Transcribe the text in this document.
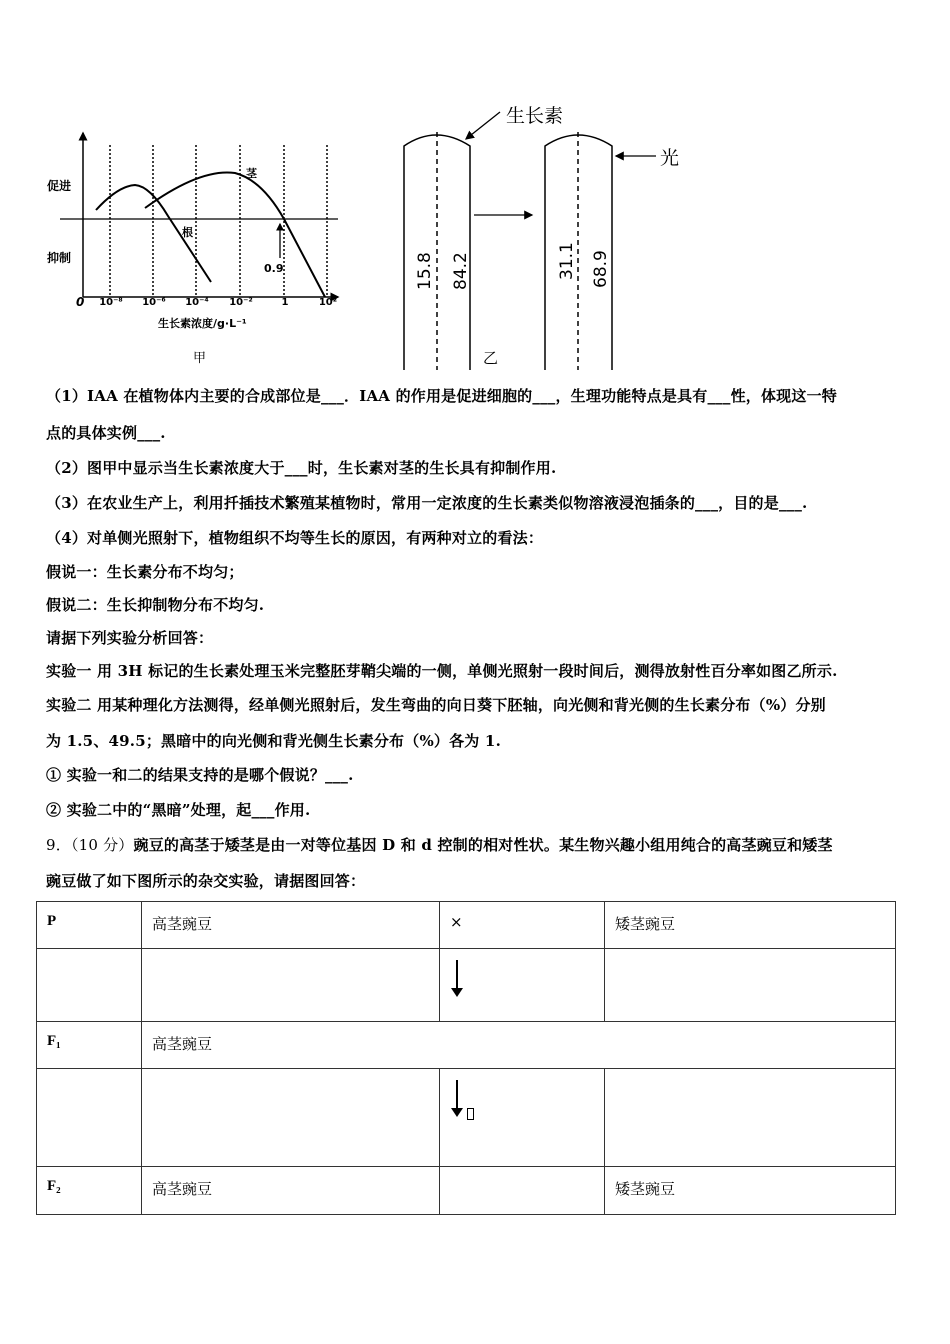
促进
抑制
0 10⁻⁸ 10⁻⁶ 10⁻⁴ 10⁻²	1	10²
生长素浓度/g·L⁻¹
根
茎
0.9
甲
生长素
光
15.8 84.2	31.1 68.9
乙
（1）IAA 在植物体内主要的合成部位是___．IAA 的作用是促进细胞的___，生理功能特点是具有___性，体现这一特
点的具体实例___.
（2）图甲中显示当生长素浓度大于___时，生长素对茎的生长具有抑制作用.
（3）在农业生产上，利用扦插技术繁殖某植物时，常用一定浓度的生长素类似物溶液浸泡插条的___，目的是___.
（4）对单侧光照射下，植物组织不均等生长的原因，有两种对立的看法：
假说一：生长素分布不均匀；
假说二：生长抑制物分布不均匀.
请据下列实验分析回答：
实验一 用 3H 标记的生长素处理玉米完整胚芽鞘尖端的一侧，单侧光照射一段时间后，测得放射性百分率如图乙所示.
实验二 用某种理化方法测得，经单侧光照射后，发生弯曲的向日葵下胚轴，向光侧和背光侧的生长素分布（%）分别
为 1.5、49.5；黑暗中的向光侧和背光侧生长素分布（%）各为 1.
① 实验一和二的结果支持的是哪个假说？___.
② 实验二中的“黑暗”处理，起___作用.
9．（10 分）豌豆的高茎于矮茎是由一对等位基因 D 和 d 控制的相对性状。某生物兴趣小组用纯合的高茎豌豆和矮茎
豌豆做了如下图所示的杂交实验，请据图回答：
P	高茎豌豆	×	矮茎豌豆

F₁	高茎豌豆		

F₂	高茎豌豆		矮茎豌豆
